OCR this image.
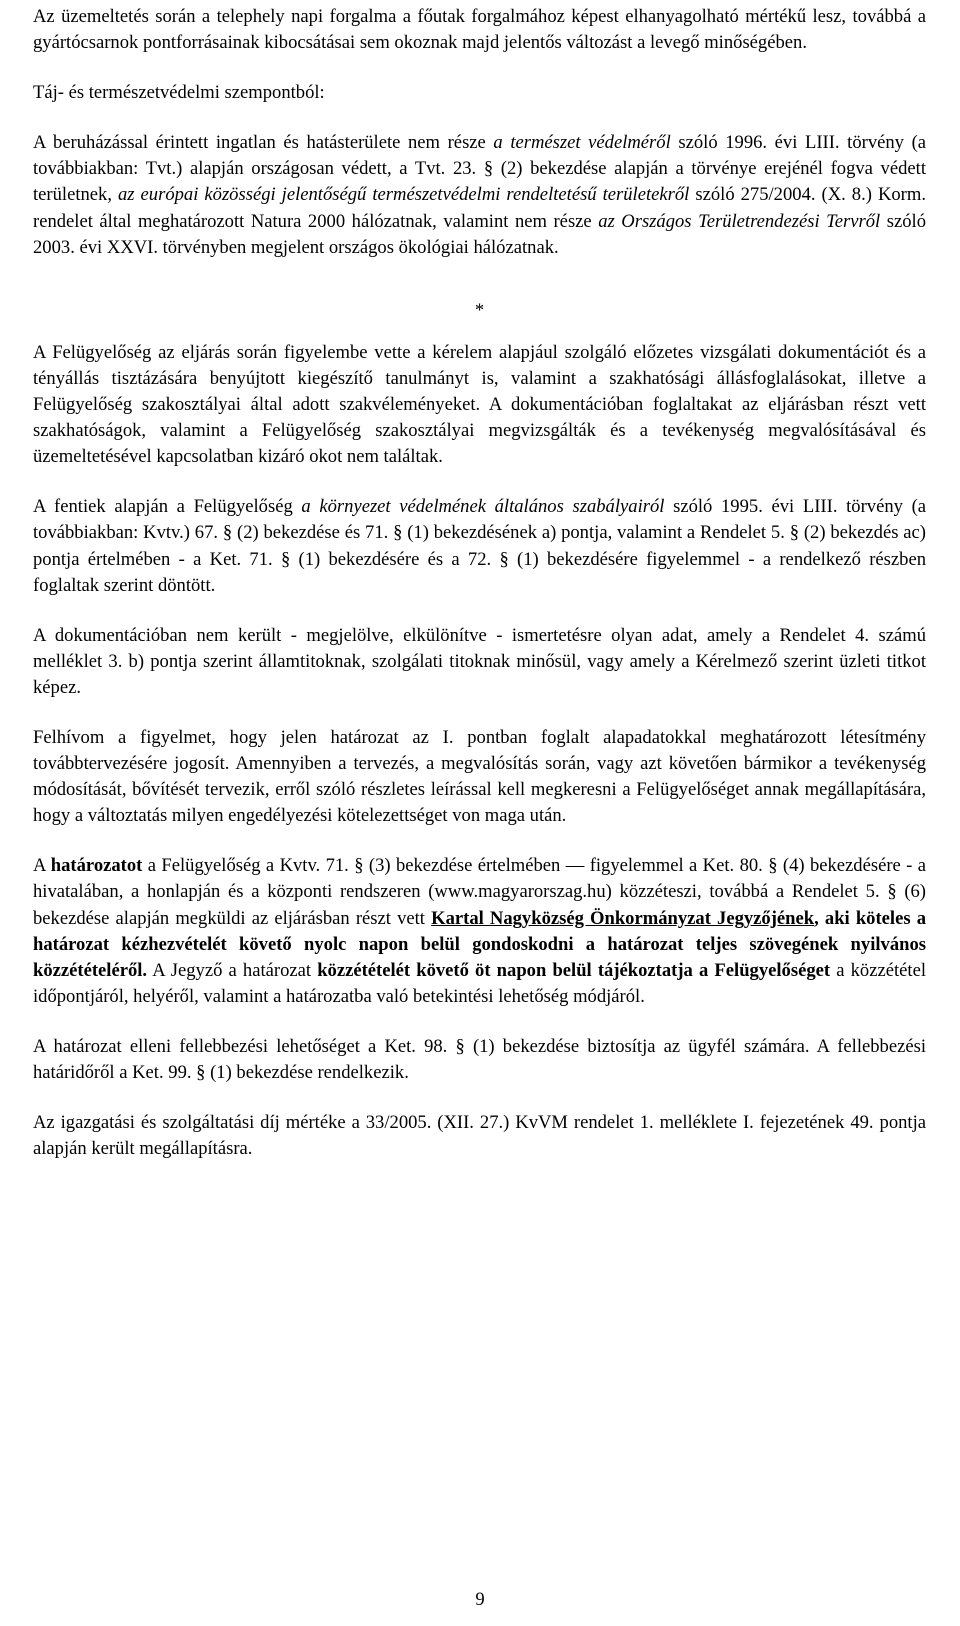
Az üzemeltetés során a telephely napi forgalma a főutak forgalmához képest elhanyagolható mértékű lesz, továbbá a gyártócsarnok pontforrásainak kibocsátásai sem okoznak majd jelentős változást a levegő minőségében.

Táj- és természetvédelmi szempontból:

A beruházással érintett ingatlan és hatásterülete nem része a természet védelméről szóló 1996. évi LIII. törvény (a továbbiakban: Tvt.) alapján országosan védett, a Tvt. 23. § (2) bekezdése alapján a törvénye erejénél fogva védett területnek, az európai közösségi jelentőségű természetvédelmi rendeltetésű területekről szóló 275/2004. (X. 8.) Korm. rendelet által meghatározott Natura 2000 hálózatnak, valamint nem része az Országos Területrendezési Tervről szóló 2003. évi XXVI. törvényben megjelent országos ökológiai hálózatnak.

*

A Felügyelőség az eljárás során figyelembe vette a kérelem alapjául szolgáló előzetes vizsgálati dokumentációt és a tényállás tisztázására benyújtott kiegészítő tanulmányt is, valamint a szakhatósági állásfoglalásokat, illetve a Felügyelőség szakosztályai által adott szakvéleményeket. A dokumentációban foglaltakat az eljárásban részt vett szakhatóságok, valamint a Felügyelőség szakosztályai megvizsgálták és a tevékenység megvalósításával és üzemeltetésével kapcsolatban kizáró okot nem találtak.

A fentiek alapján a Felügyelőség a környezet védelmének általános szabályairól szóló 1995. évi LIII. törvény (a továbbiakban: Kvtv.) 67. § (2) bekezdése és 71. § (1) bekezdésének a) pontja, valamint a Rendelet 5. § (2) bekezdés ac) pontja értelmében - a Ket. 71. § (1) bekezdésére és a 72. § (1) bekezdésére figyelemmel - a rendelkező részben foglaltak szerint döntött.

A dokumentációban nem került - megjelölve, elkülönítve - ismertetésre olyan adat, amely a Rendelet 4. számú melléklet 3. b) pontja szerint államtitoknak, szolgálati titoknak minősül, vagy amely a Kérelmező szerint üzleti titkot képez.

Felhívom a figyelmet, hogy jelen határozat az I. pontban foglalt alapadatokkal meghatározott létesítmény továbbtervezésére jogosít. Amennyiben a tervezés, a megvalósítás során, vagy azt követően bármikor a tevékenység módosítását, bővítését tervezik, erről szóló részletes leírással kell megkeresni a Felügyelőséget annak megállapítására, hogy a változtatás milyen engedélyezési kötelezettséget von maga után.

A határozatot a Felügyelőség a Kvtv. 71. § (3) bekezdése értelmében — figyelemmel a Ket. 80. § (4) bekezdésére - a hivatalában, a honlapján és a központi rendszeren (www.magyarorszag.hu) közzéteszi, továbbá a Rendelet 5. § (6) bekezdése alapján megküldi az eljárásban részt vett Kartal Nagyközség Önkormányzat Jegyzőjének, aki köteles a határozat kézhezvételét követő nyolc napon belül gondoskodni a határozat teljes szövegének nyilvános közzétételéről. A Jegyző a határozat közzétételét követő öt napon belül tájékoztatja a Felügyelőséget a közzététel időpontjáról, helyéről, valamint a határozatba való betekintési lehetőség módjáról.

A határozat elleni fellebbezési lehetőséget a Ket. 98. § (1) bekezdése biztosítja az ügyfél számára. A fellebbezési határidőről a Ket. 99. § (1) bekezdése rendelkezik.

Az igazgatási és szolgáltatási díj mértéke a 33/2005. (XII. 27.) KvVM rendelet 1. melléklete I. fejezetének 49. pontja alapján került megállapításra.

9
